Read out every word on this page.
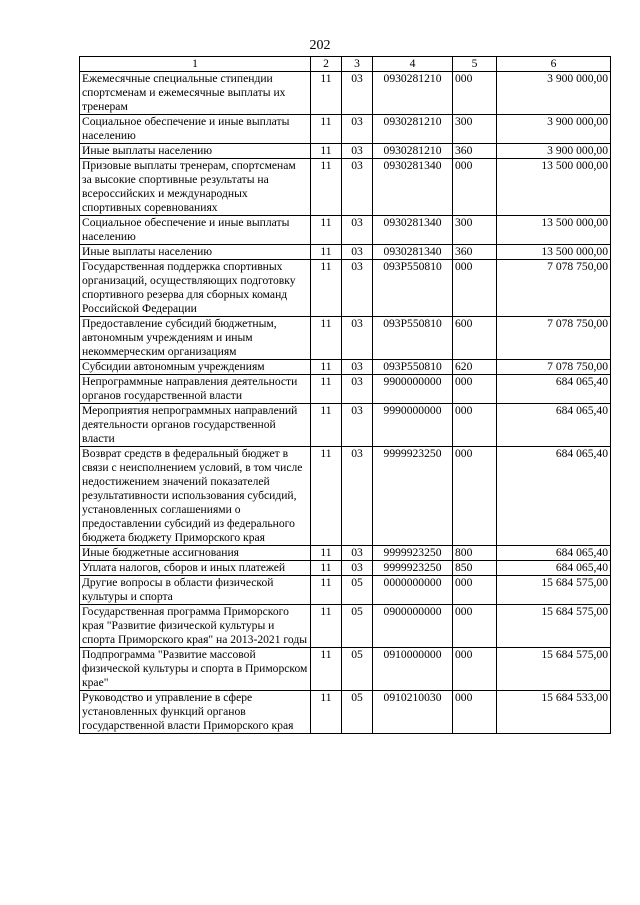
202
1	2	3	4	5	6
Ежемесячные специальные стипендии спортсменам и ежемесячные выплаты их тренерам	11	03	0930281210	000	3 900 000,00
Социальное обеспечение и иные выплаты населению	11	03	0930281210	300	3 900 000,00
Иные выплаты населению	11	03	0930281210	360	3 900 000,00
Призовые выплаты тренерам, спортсменам за высокие спортивные результаты на всероссийских и международных спортивных соревнованиях	11	03	0930281340	000	13 500 000,00
Социальное обеспечение и иные выплаты населению	11	03	0930281340	300	13 500 000,00
Иные выплаты населению	11	03	0930281340	360	13 500 000,00
Государственная поддержка спортивных организаций, осуществляющих подготовку спортивного резерва для сборных команд Российской Федерации	11	03	093P550810	000	7 078 750,00
Предоставление субсидий бюджетным, автономным учреждениям и иным некоммерческим организациям	11	03	093P550810	600	7 078 750,00
Субсидии автономным учреждениям	11	03	093P550810	620	7 078 750,00
Непрограммные направления деятельности органов государственной власти	11	03	9900000000	000	684 065,40
Мероприятия непрограммных направлений деятельности органов государственной власти	11	03	9990000000	000	684 065,40
Возврат средств в федеральный бюджет в связи с неисполнением условий, в том числе недостижением значений показателей результативности использования субсидий, установленных соглашениями о предоставлении субсидий из федерального бюджета бюджету Приморского края	11	03	9999923250	000	684 065,40
Иные бюджетные ассигнования	11	03	9999923250	800	684 065,40
Уплата налогов, сборов и иных платежей	11	03	9999923250	850	684 065,40
Другие вопросы в области физической культуры и спорта	11	05	0000000000	000	15 684 575,00
Государственная программа Приморского края "Развитие физической культуры и спорта Приморского края" на 2013-2021 годы	11	05	0900000000	000	15 684 575,00
Подпрограмма "Развитие массовой физической культуры и спорта в Приморском крае"	11	05	0910000000	000	15 684 575,00
Руководство и управление в сфере установленных функций органов государственной власти Приморского края	11	05	0910210030	000	15 684 533,00
